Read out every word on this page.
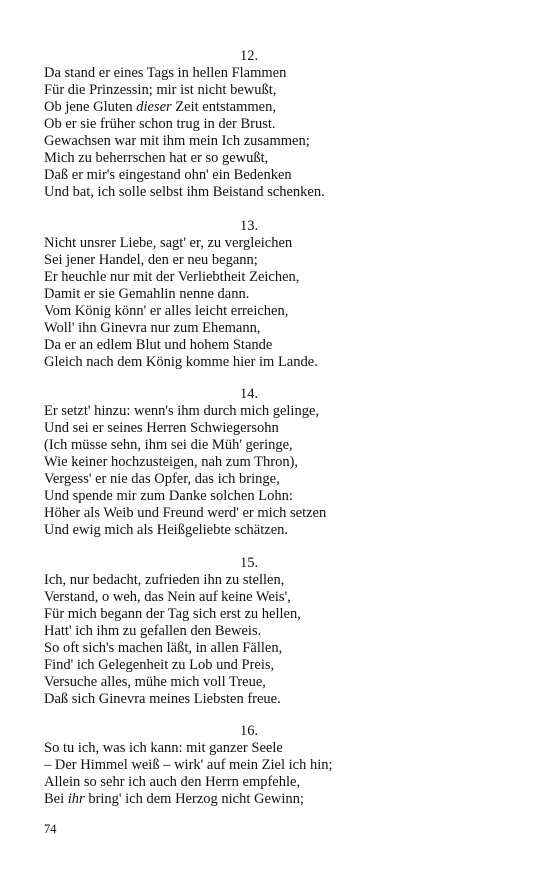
12.
Da stand er eines Tags in hellen Flammen
Für die Prinzessin; mir ist nicht bewußt,
Ob jene Gluten dieser Zeit entstammen,
Ob er sie früher schon trug in der Brust.
Gewachsen war mit ihm mein Ich zusammen;
Mich zu beherrschen hat er so gewußt,
Daß er mir's eingestand ohn' ein Bedenken
Und bat, ich solle selbst ihm Beistand schenken.
13.
Nicht unsrer Liebe, sagt' er, zu vergleichen
Sei jener Handel, den er neu begann;
Er heuchle nur mit der Verliebtheit Zeichen,
Damit er sie Gemahlin nenne dann.
Vom König könn' er alles leicht erreichen,
Woll' ihn Ginevra nur zum Ehemann,
Da er an edlem Blut und hohem Stande
Gleich nach dem König komme hier im Lande.
14.
Er setzt' hinzu: wenn's ihm durch mich gelinge,
Und sei er seines Herren Schwiegersohn
(Ich müsse sehn, ihm sei die Müh' geringe,
Wie keiner hochzusteigen, nah zum Thron),
Vergess' er nie das Opfer, das ich bringe,
Und spende mir zum Danke solchen Lohn:
Höher als Weib und Freund werd' er mich setzen
Und ewig mich als Heißgeliebte schätzen.
15.
Ich, nur bedacht, zufrieden ihn zu stellen,
Verstand, o weh, das Nein auf keine Weis',
Für mich begann der Tag sich erst zu hellen,
Hatt' ich ihm zu gefallen den Beweis.
So oft sich's machen läßt, in allen Fällen,
Find' ich Gelegenheit zu Lob und Preis,
Versuche alles, mühe mich voll Treue,
Daß sich Ginevra meines Liebsten freue.
16.
So tu ich, was ich kann: mit ganzer Seele
– Der Himmel weiß – wirk' auf mein Ziel ich hin;
Allein so sehr ich auch den Herrn empfehle,
Bei ihr bring' ich dem Herzog nicht Gewinn;
74
